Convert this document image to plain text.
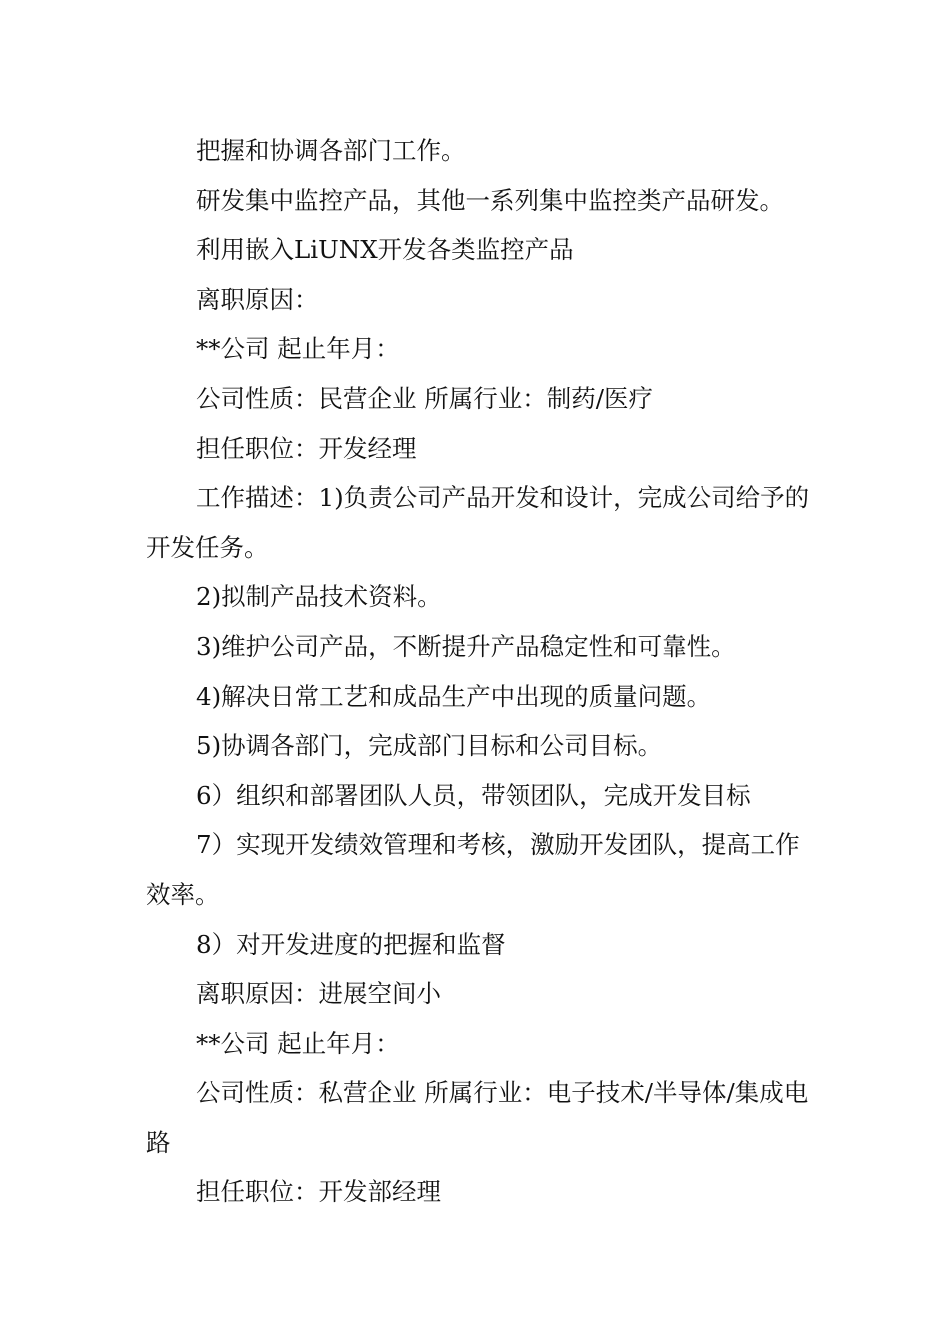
把握和协调各部门工作。

研发集中监控产品，其他一系列集中监控类产品研发。

利用嵌入LiUNX开发各类监控产品

离职原因：

**公司 起止年月：

公司性质：民营企业 所属行业：制药/医疗

担任职位：开发经理

工作描述：1)负责公司产品开发和设计，完成公司给予的开发任务。

2)拟制产品技术资料。

3)维护公司产品，不断提升产品稳定性和可靠性。

4)解决日常工艺和成品生产中出现的质量问题。

5)协调各部门，完成部门目标和公司目标。

6）组织和部署团队人员，带领团队，完成开发目标

7）实现开发绩效管理和考核，激励开发团队，提高工作效率。

8）对开发进度的把握和监督

离职原因：进展空间小

**公司 起止年月：

公司性质：私营企业 所属行业：电子技术/半导体/集成电路

担任职位：开发部经理
